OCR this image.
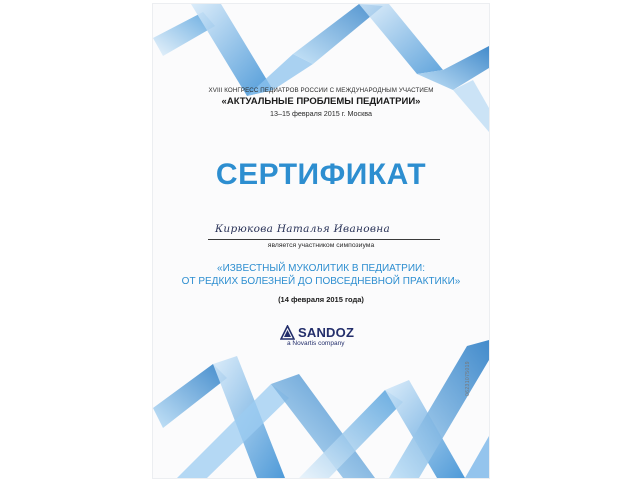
XVIII КОНГРЕСС ПЕДИАТРОВ РОССИИ С МЕЖДУНАРОДНЫМ УЧАСТИЕМ
«АКТУАЛЬНЫЕ ПРОБЛЕМЫ ПЕДИАТРИИ»
13–15 февраля 2015 г. Москва
СЕРТИФИКАТ
Кирюкова Наталья Ивановна
является участником симпозиума
«ИЗВЕСТНЫЙ МУКОЛИТИК В ПЕДИАТРИИ:
ОТ РЕДКИХ БОЛЕЗНЕЙ ДО ПОВСЕДНЕВНОЙ ПРАКТИКИ»
(14 февраля 2015 года)
SANDOZ
a Novartis company
06231075019
